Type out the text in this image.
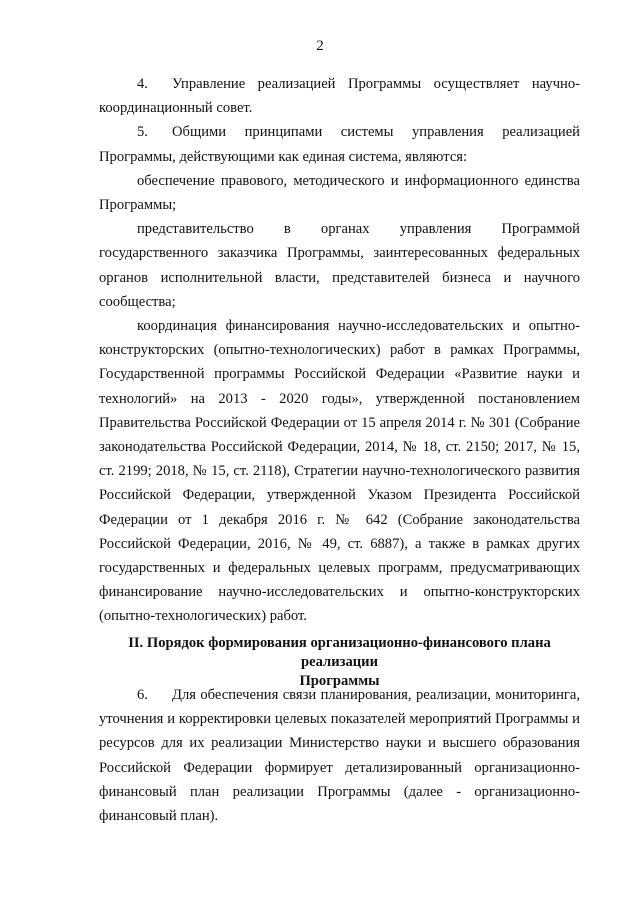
2

4. Управление реализацией Программы осуществляет научно-координационный совет.

5. Общими принципами системы управления реализацией Программы, действующими как единая система, являются:

обеспечение правового, методического и информационного единства Программы;

представительство в органах управления Программой государственного заказчика Программы, заинтересованных федеральных органов исполнительной власти, представителей бизнеса и научного сообщества;

координация финансирования научно-исследовательских и опытно-конструкторских (опытно-технологических) работ в рамках Программы, Государственной программы Российской Федерации «Развитие науки и технологий» на 2013 - 2020 годы», утвержденной постановлением Правительства Российской Федерации от 15 апреля 2014 г. № 301 (Собрание законодательства Российской Федерации, 2014, № 18, ст. 2150; 2017, № 15, ст. 2199; 2018, № 15, ст. 2118), Стратегии научно-технологического развития Российской Федерации, утвержденной Указом Президента Российской Федерации от 1 декабря 2016 г. № 642 (Собрание законодательства Российской Федерации, 2016, № 49, ст. 6887), а также в рамках других государственных и федеральных целевых программ, предусматривающих финансирование научно-исследовательских и опытно-конструкторских (опытно-технологических) работ.

II. Порядок формирования организационно-финансового плана реализации
Программы

6. Для обеспечения связи планирования, реализации, мониторинга, уточнения и корректировки целевых показателей мероприятий Программы и ресурсов для их реализации Министерство науки и высшего образования Российской Федерации формирует детализированный организационно-финансовый план реализации Программы (далее - организационно-финансовый план).
